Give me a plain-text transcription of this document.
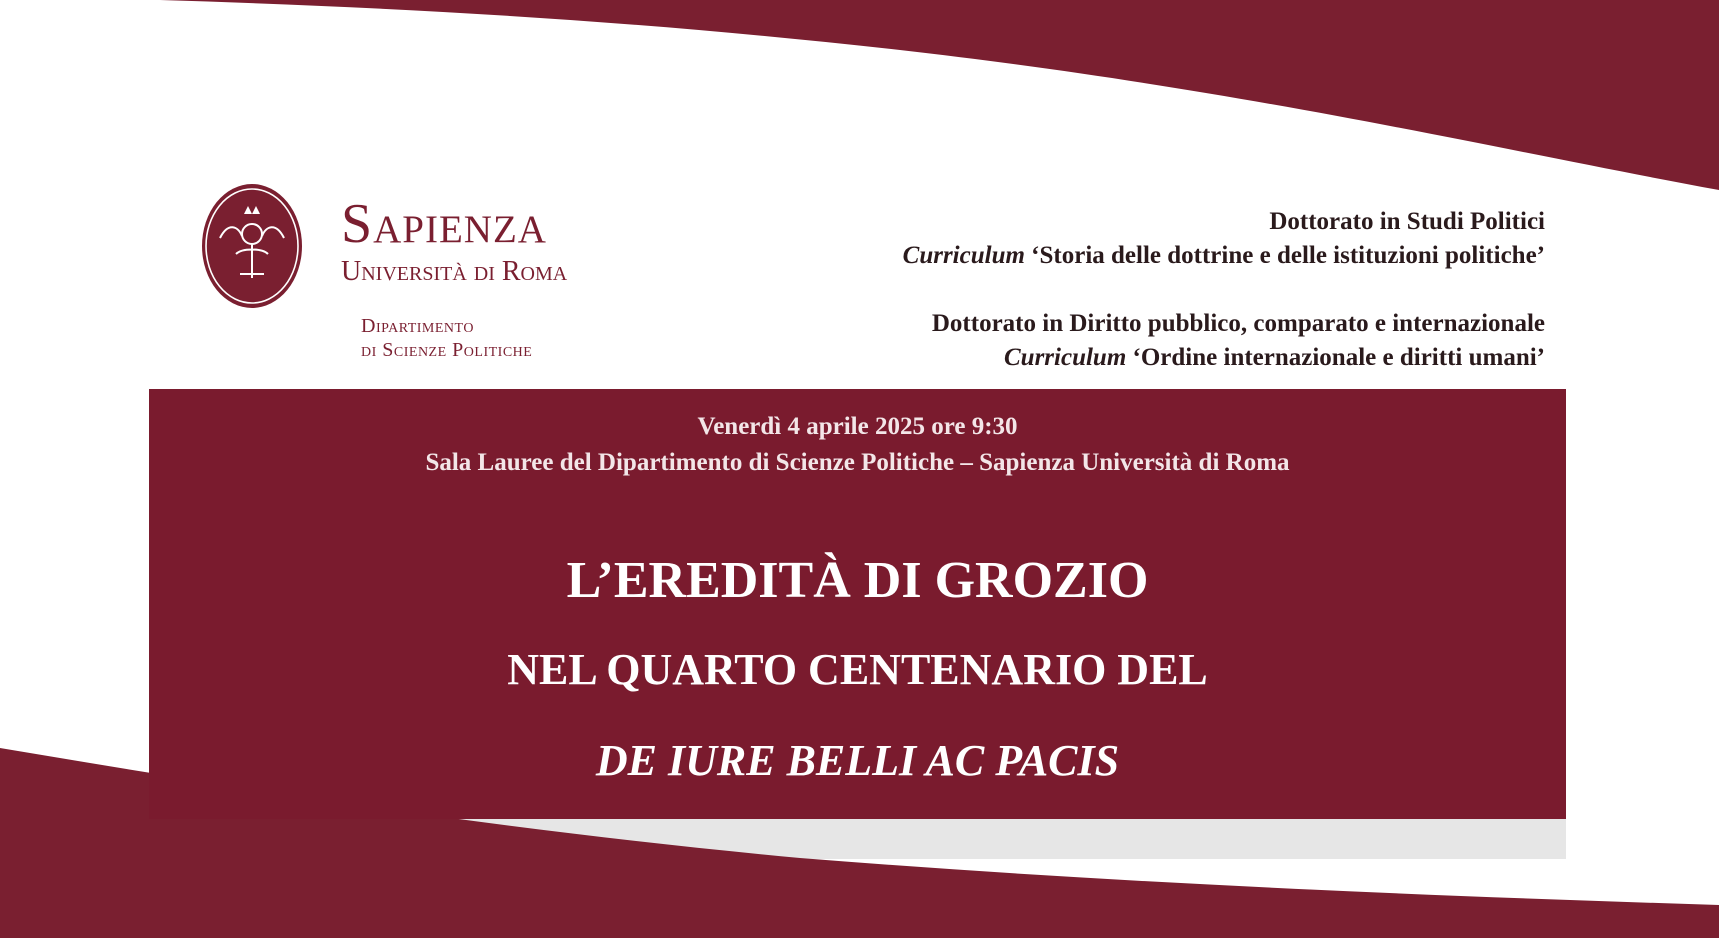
Sapienza
Università di Roma
Dipartimento
di Scienze Politiche
Dottorato in Studi Politici
Curriculum ‘Storia delle dottrine e delle istituzioni politiche’
Dottorato in Diritto pubblico, comparato e internazionale
Curriculum ‘Ordine internazionale e diritti umani’
Venerdì 4 aprile 2025 ore 9:30
Sala Lauree del Dipartimento di Scienze Politiche – Sapienza Università di Roma
L’EREDITÀ DI GROZIO
NEL QUARTO CENTENARIO DEL
DE IURE BELLI AC PACIS
